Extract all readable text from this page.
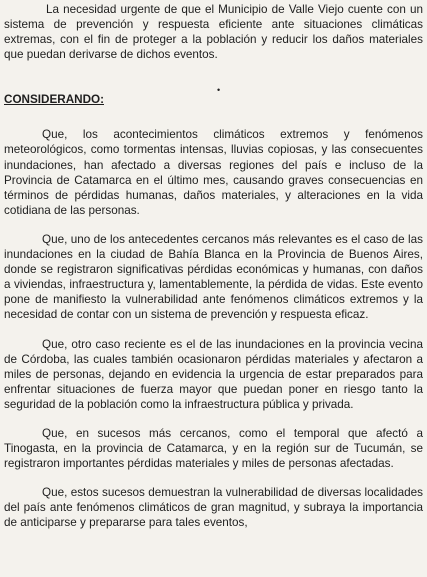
La necesidad urgente de que el Municipio de Valle Viejo cuente con un sistema de prevención y respuesta eficiente ante situaciones climáticas extremas, con el fin de proteger a la población y reducir los daños materiales que puedan derivarse de dichos eventos.

•

CONSIDERANDO:

Que, los acontecimientos climáticos extremos y fenómenos meteorológicos, como tormentas intensas, lluvias copiosas, y las consecuentes inundaciones, han afectado a diversas regiones del país e incluso de la Provincia de Catamarca en el último mes, causando graves consecuencias en términos de pérdidas humanas, daños materiales, y alteraciones en la vida cotidiana de las personas.

Que, uno de los antecedentes cercanos más relevantes es el caso de las inundaciones en la ciudad de Bahía Blanca en la Provincia de Buenos Aires, donde se registraron significativas pérdidas económicas y humanas, con daños a viviendas, infraestructura y, lamentablemente, la pérdida de vidas. Este evento pone de manifiesto la vulnerabilidad ante fenómenos climáticos extremos y la necesidad de contar con un sistema de prevención y respuesta eficaz.

Que, otro caso reciente es el de las inundaciones en la provincia vecina de Córdoba, las cuales también ocasionaron pérdidas materiales y afectaron a miles de personas, dejando en evidencia la urgencia de estar preparados para enfrentar situaciones de fuerza mayor que puedan poner en riesgo tanto la seguridad de la población como la infraestructura pública y privada.

Que, en sucesos más cercanos, como el temporal que afectó a Tinogasta, en la provincia de Catamarca, y en la región sur de Tucumán, se registraron importantes pérdidas materiales y miles de personas afectadas.

Que, estos sucesos demuestran la vulnerabilidad de diversas localidades del país ante fenómenos climáticos de gran magnitud, y subraya la importancia de anticiparse y prepararse para tales eventos,
